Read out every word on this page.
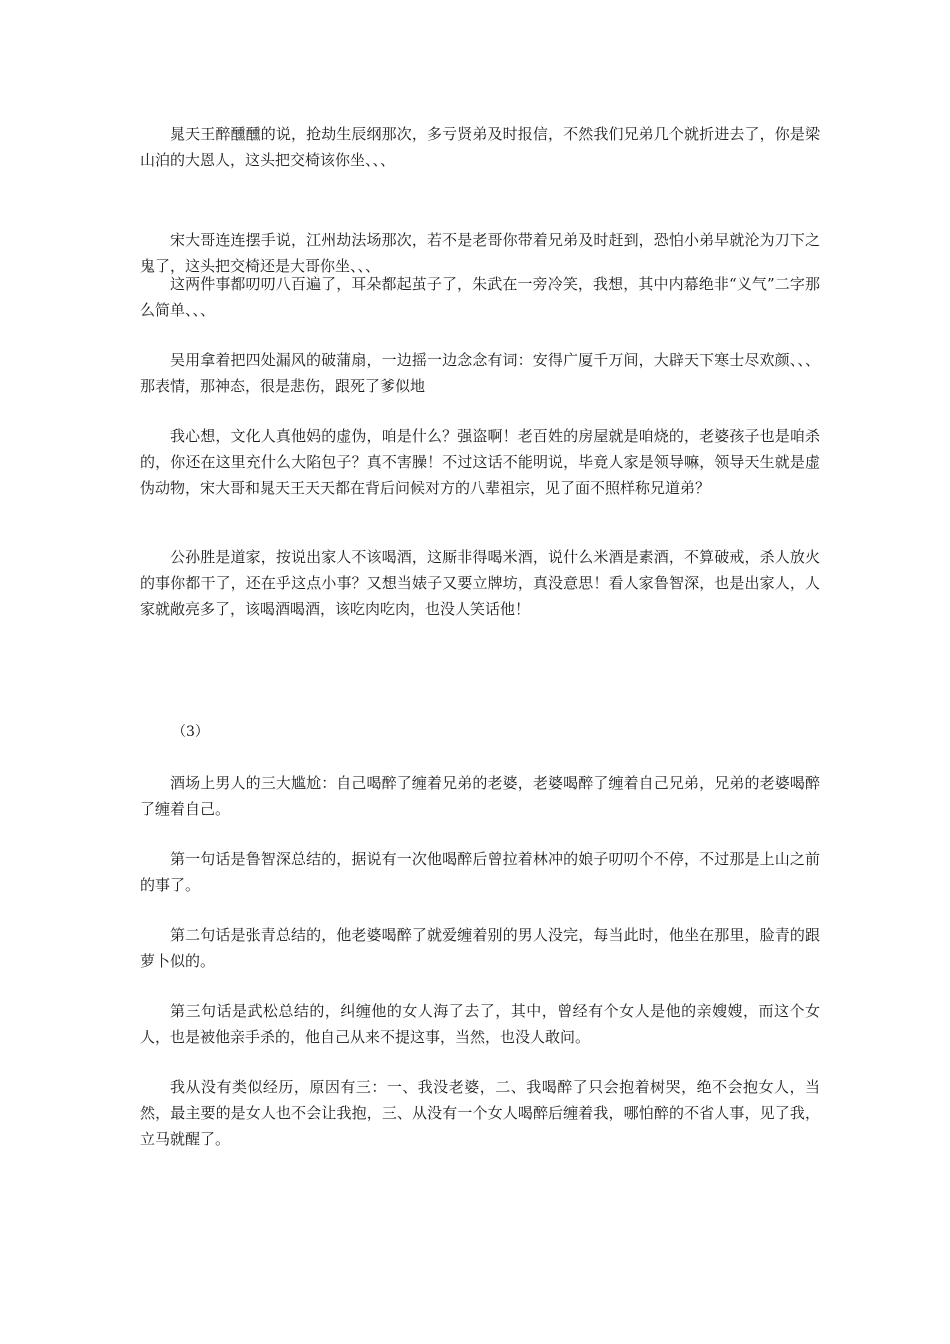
晁天王醉醺醺的说，抢劫生辰纲那次，多亏贤弟及时报信，不然我们兄弟几个就折进去了，你是梁山泊的大恩人，这头把交椅该你坐、、、

宋大哥连连摆手说，江州劫法场那次，若不是老哥你带着兄弟及时赶到，恐怕小弟早就沦为刀下之鬼了，这头把交椅还是大哥你坐、、、

这两件事都叨叨八百遍了，耳朵都起茧子了，朱武在一旁冷笑，我想，其中内幕绝非“义气”二字那么简单、、、

吴用拿着把四处漏风的破蒲扇，一边摇一边念念有词：安得广厦千万间，大辟天下寒士尽欢颜、、、那表情，那神态，很是悲伤，跟死了爹似地

我心想，文化人真他妈的虚伪，咱是什么？强盗啊！老百姓的房屋就是咱烧的，老婆孩子也是咱杀的，你还在这里充什么大陷包子？真不害臊！不过这话不能明说，毕竟人家是领导嘛，领导天生就是虚伪动物，宋大哥和晁天王天天都在背后问候对方的八辈祖宗，见了面不照样称兄道弟？

公孙胜是道家，按说出家人不该喝酒，这厮非得喝米酒，说什么米酒是素酒，不算破戒，杀人放火的事你都干了，还在乎这点小事？又想当婊子又要立牌坊，真没意思！看人家鲁智深，也是出家人，人家就敞亮多了，该喝酒喝酒，该吃肉吃肉，也没人笑话他！

（3）

酒场上男人的三大尴尬：自己喝醉了缠着兄弟的老婆，老婆喝醉了缠着自己兄弟，兄弟的老婆喝醉了缠着自己。

第一句话是鲁智深总结的，据说有一次他喝醉后曾拉着林冲的娘子叨叨个不停，不过那是上山之前的事了。

第二句话是张青总结的，他老婆喝醉了就爱缠着别的男人没完，每当此时，他坐在那里，脸青的跟萝卜似的。

第三句话是武松总结的，纠缠他的女人海了去了，其中，曾经有个女人是他的亲嫂嫂，而这个女人，也是被他亲手杀的，他自己从来不提这事，当然，也没人敢问。

我从没有类似经历，原因有三：一、我没老婆，二、我喝醉了只会抱着树哭，绝不会抱女人，当然，最主要的是女人也不会让我抱，三、从没有一个女人喝醉后缠着我，哪怕醉的不省人事，见了我，立马就醒了。
